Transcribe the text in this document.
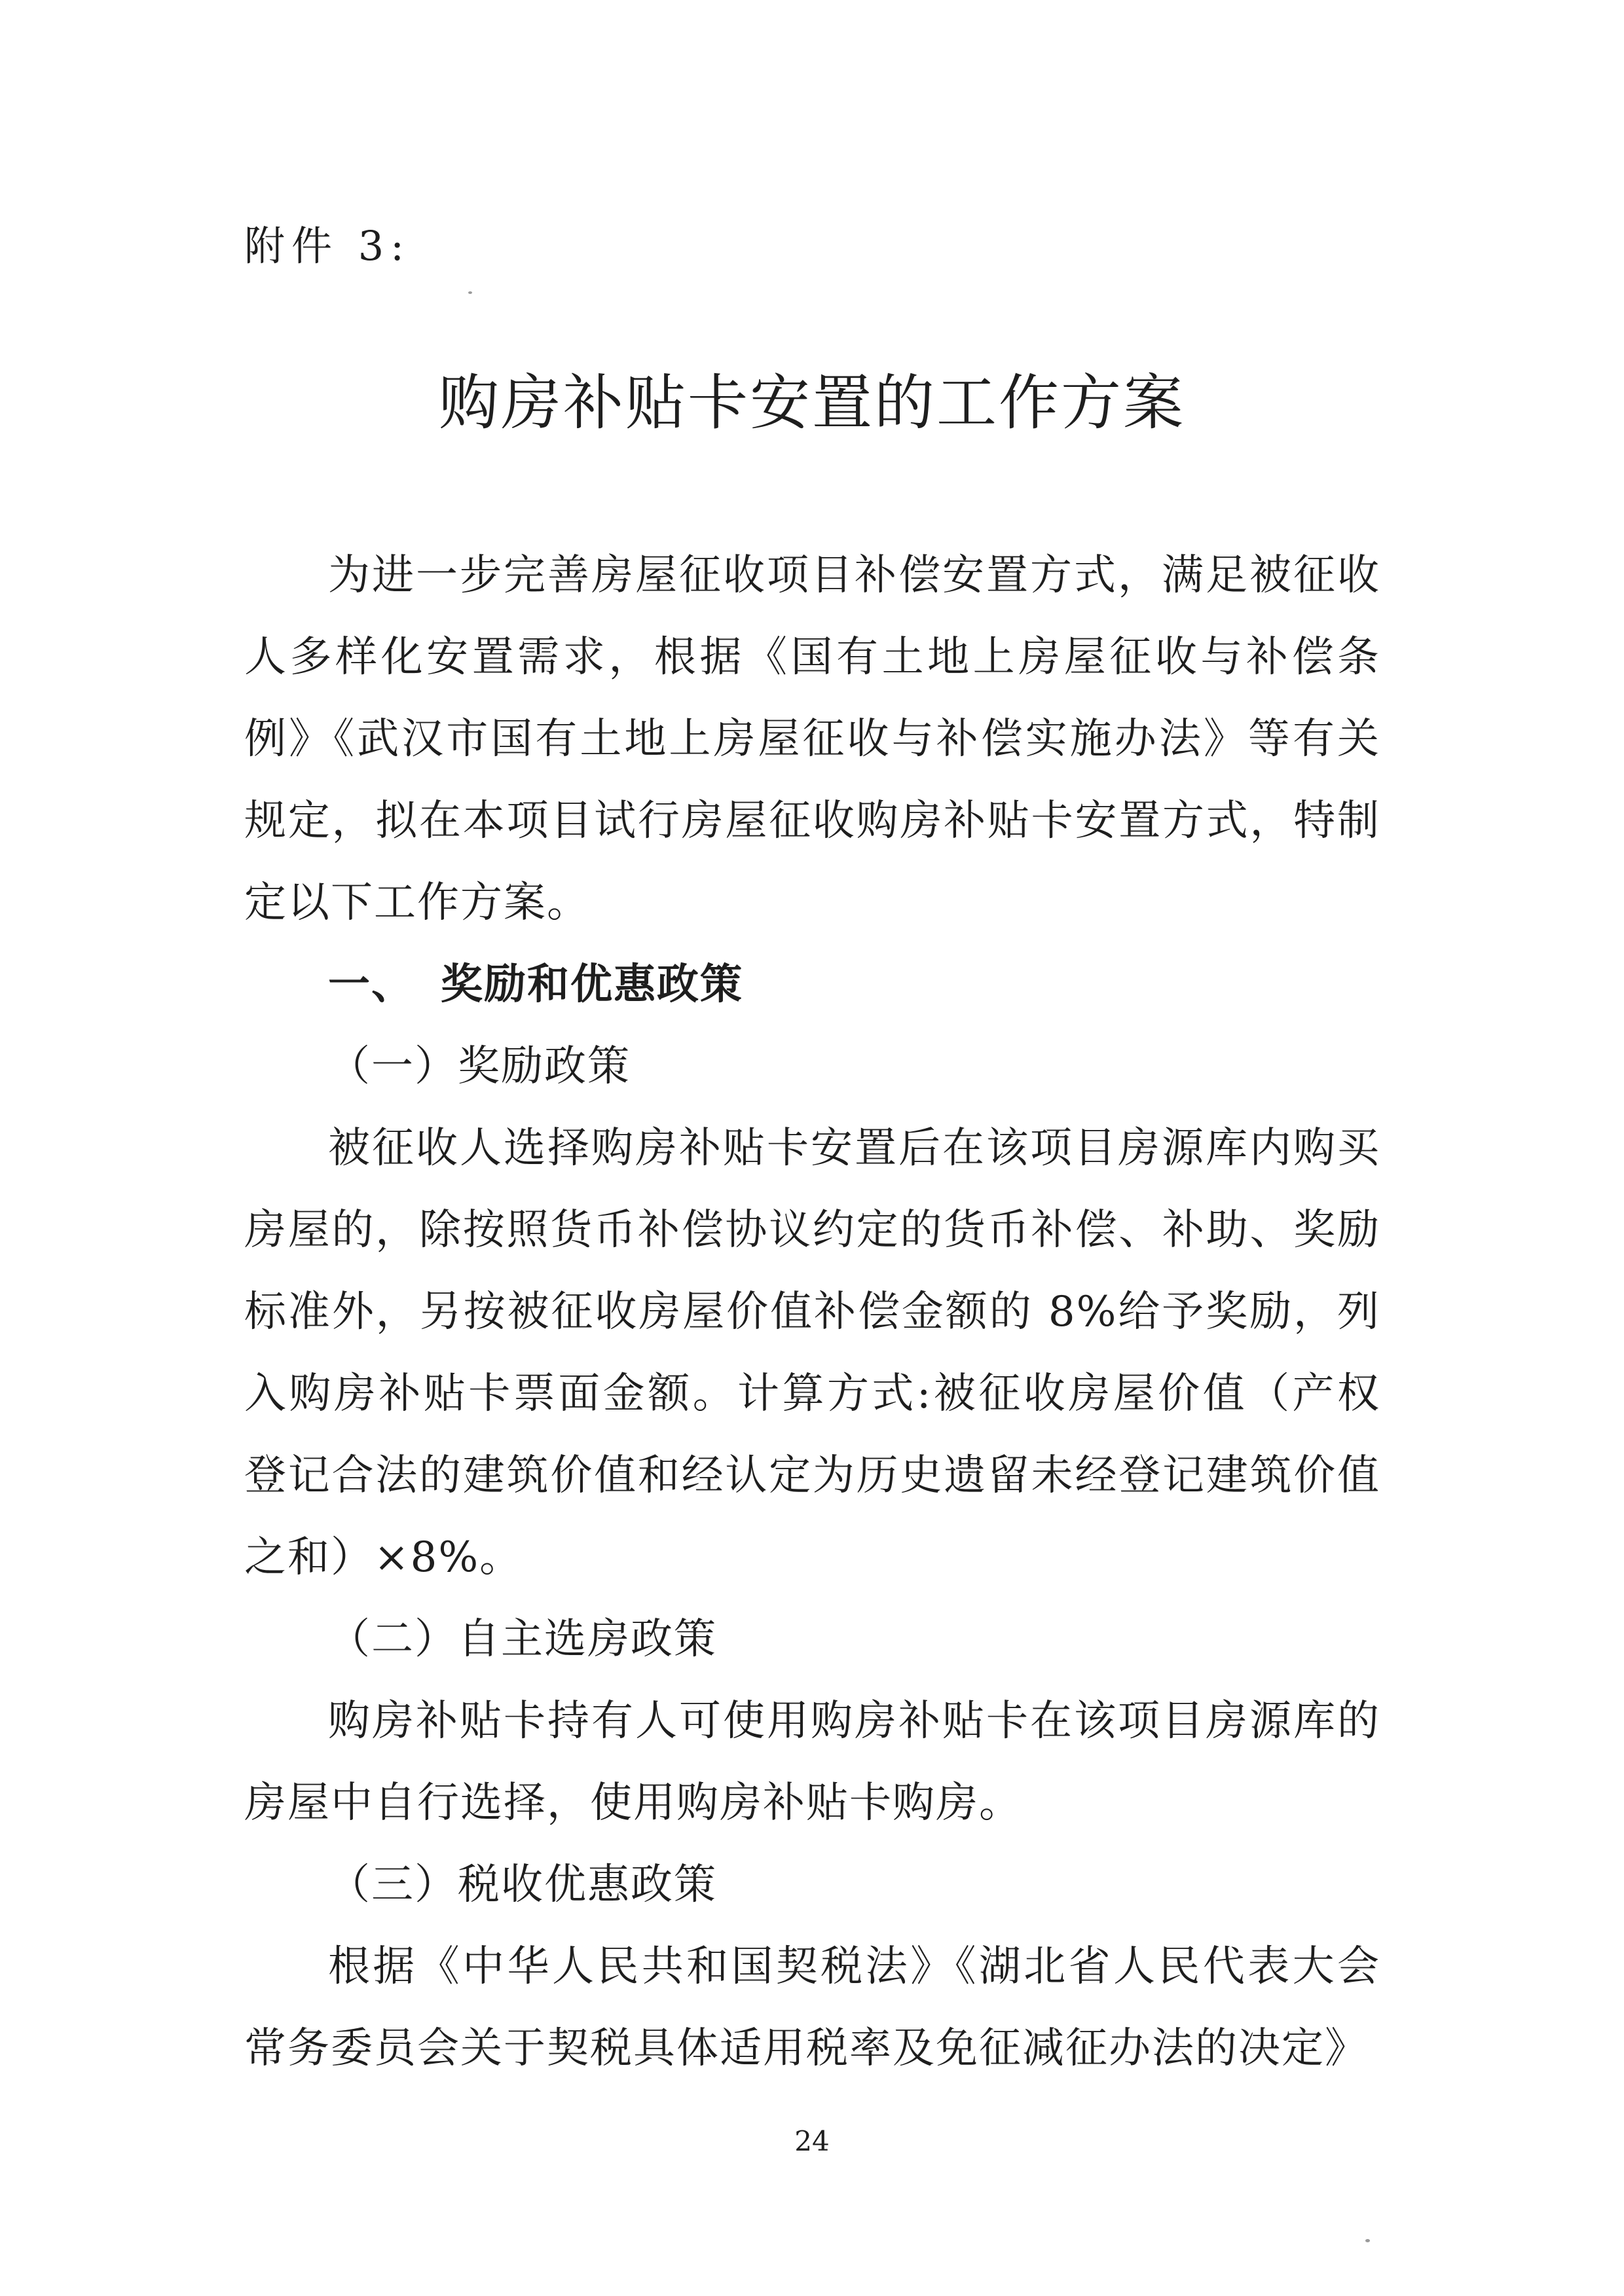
附件 3:
购房补贴卡安置的工作方案

为进一步完善房屋征收项目补偿安置方式，满足被征收人多样化安置需求，根据《国有土地上房屋征收与补偿条例》《武汉市国有土地上房屋征收与补偿实施办法》等有关规定，拟在本项目试行房屋征收购房补贴卡安置方式，特制定以下工作方案。

一、 奖励和优惠政策

（一）奖励政策

被征收人选择购房补贴卡安置后在该项目房源库内购买房屋的，除按照货币补偿协议约定的货币补偿、补助、奖励标准外，另按被征收房屋价值补偿金额的 8%给予奖励，列入购房补贴卡票面金额。计算方式:被征收房屋价值（产权登记合法的建筑价值和经认定为历史遗留未经登记建筑价值之和）×8%。

（二）自主选房政策

购房补贴卡持有人可使用购房补贴卡在该项目房源库的房屋中自行选择，使用购房补贴卡购房。

（三）税收优惠政策

根据《中华人民共和国契税法》《湖北省人民代表大会常务委员会关于契税具体适用税率及免征减征办法的决定》

24
